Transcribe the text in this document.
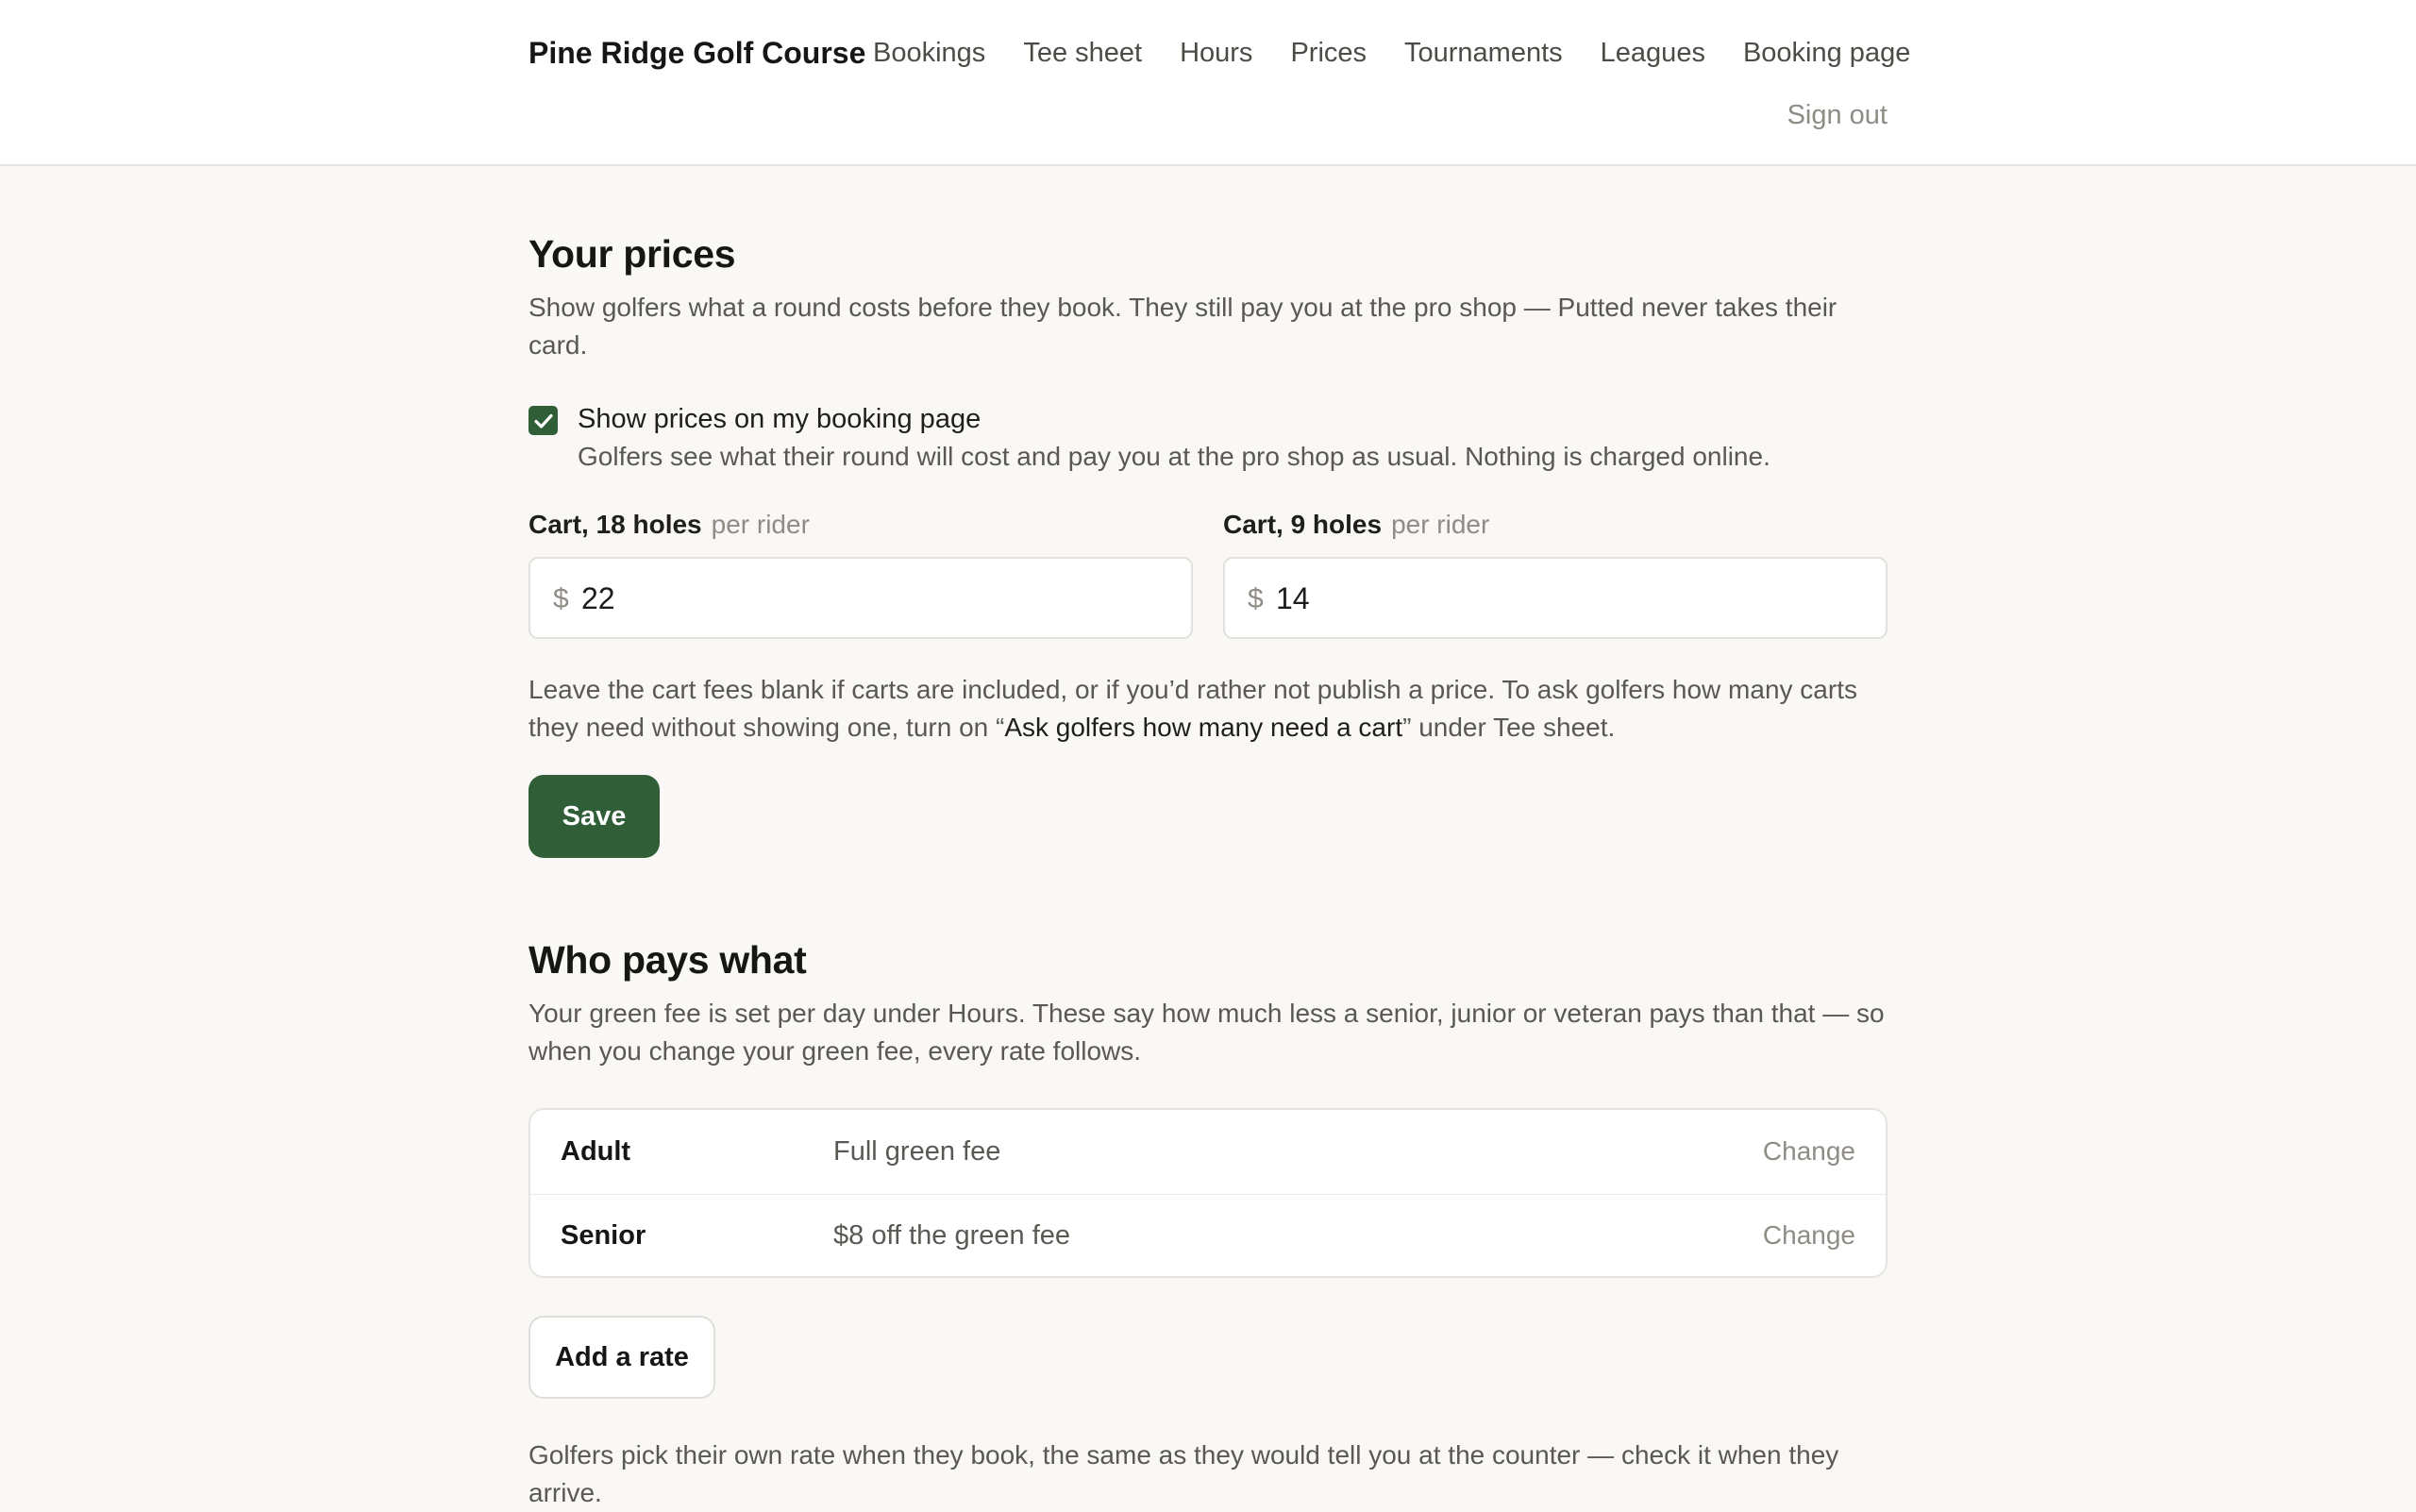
Pine Ridge Golf Course Bookings Tee sheet Hours Prices Tournaments Leagues Booking page
Sign out
Your prices
Show golfers what a round costs before they book. They still pay you at the pro shop — Putted never takes their
card.
Show prices on my booking page
Golfers see what their round will cost and pay you at the pro shop as usual. Nothing is charged online.
Cart, 18 holes per rider
$ 22
Cart, 9 holes per rider
$ 14
Leave the cart fees blank if carts are included, or if you’d rather not publish a price. To ask golfers how many carts
they need without showing one, turn on “Ask golfers how many need a cart” under Tee sheet.
Save
Who pays what
Your green fee is set per day under Hours. These say how much less a senior, junior or veteran pays than that — so
when you change your green fee, every rate follows.
Adult	Full green fee	Change
Senior	$8 off the green fee	Change
Add a rate
Golfers pick their own rate when they book, the same as they would tell you at the counter — check it when they
arrive.
